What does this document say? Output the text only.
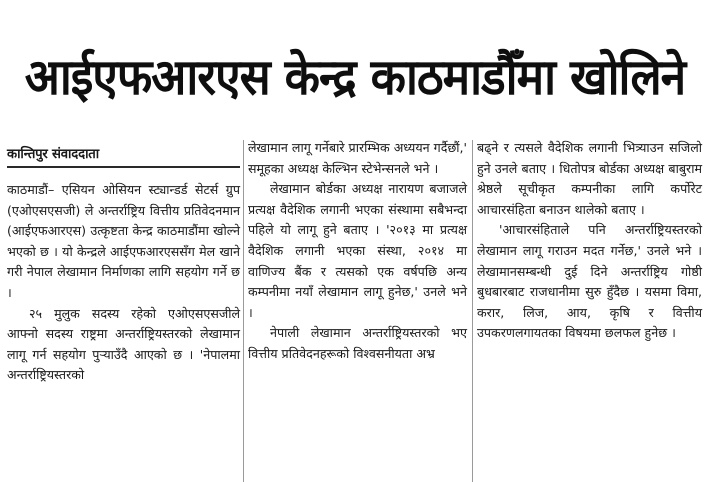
आईएफआरएस केन्द्र काठमाडौँमा खोलिने
कान्तिपुर संवाददाता

काठमाडौं– एसियन ओसियन स्ट्यान्डर्ड सेटर्स ग्रुप (एओएसएसजी) ले अन्तर्राष्ट्रिय वित्तीय प्रतिवेदनमान (आईएफआरएस) उत्कृष्टता केन्द्र काठमाडौंमा खोल्ने भएको छ । यो केन्द्रले आईएफआरएससँग मेल खाने गरी नेपाल लेखामान निर्माणका लागि सहयोग गर्ने छ ।

२५ मुलुक सदस्य रहेको एओएसएसजीले आफ्नो सदस्य राष्ट्रमा अन्तर्राष्ट्रियस्तरको लेखामान लागू गर्न सहयोग पुऱ्याउँदै आएको छ । 'नेपालमा अन्तर्राष्ट्रियस्तरको

लेखामान लागू गर्नेबारे प्रारम्भिक अध्ययन गर्दैछौं,' समूहका अध्यक्ष केल्भिन स्टेभेन्सनले भने ।

लेखामान बोर्डका अध्यक्ष नारायण बजाजले प्रत्यक्ष वैदेशिक लगानी भएका संस्थामा सबैभन्दा पहिले यो लागू हुने बताए । '२०१३ मा प्रत्यक्ष वैदेशिक लगानी भएका संस्था, २०१४ मा वाणिज्य बैंक र त्यसको एक वर्षपछि अन्य कम्पनीमा नयाँ लेखामान लागू हुनेछ,' उनले भने ।

नेपाली लेखामान अन्तर्राष्ट्रियस्तरको भए वित्तीय प्रतिवेदनहरूको विश्वसनीयता अभ्र

बढ्ने र त्यसले वैदेशिक लगानी भित्र्याउन सजिलो हुने उनले बताए । धितोपत्र बोर्डका अध्यक्ष बाबुराम श्रेष्ठले सूचीकृत कम्पनीका लागि कर्पोरेट आचारसंहिता बनाउन थालेको बताए ।

'आचारसंहिताले पनि अन्तर्राष्ट्रियस्तरको लेखामान लागू गराउन मदत गर्नेछ,' उनले भने । लेखामानसम्बन्धी दुई दिने अन्तर्राष्ट्रिय गोष्ठी बुधबारबाट राजधानीमा सुरु हुँदैछ । यसमा विमा, करार, लिज, आय, कृषि र वित्तीय उपकरणलगायतका विषयमा छलफल हुनेछ ।
